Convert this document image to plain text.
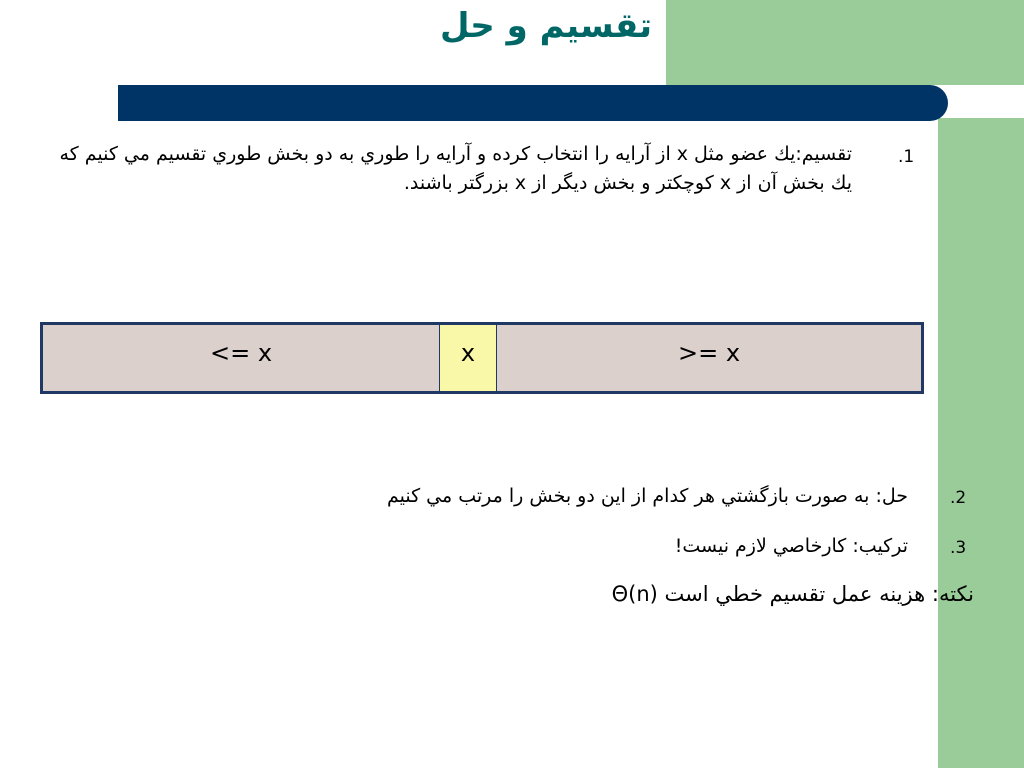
تقسيم و حل
.1
تقسيم:يك عضو مثل x از آرايه را انتخاب كرده و آرايه را طوري به دو بخش طوري تقسيم مي كنيم كه يك بخش آن از x كوچكتر و بخش ديگر از x بزرگتر باشند.
<= x	x	>= x
.2
حل: به صورت بازگشتي هر كدام از اين دو بخش را مرتب مي كنيم
.3
تركيب: كارخاصي لازم نيست!
نكته: هزينه عمل تقسيم خطي است Θ(n)
